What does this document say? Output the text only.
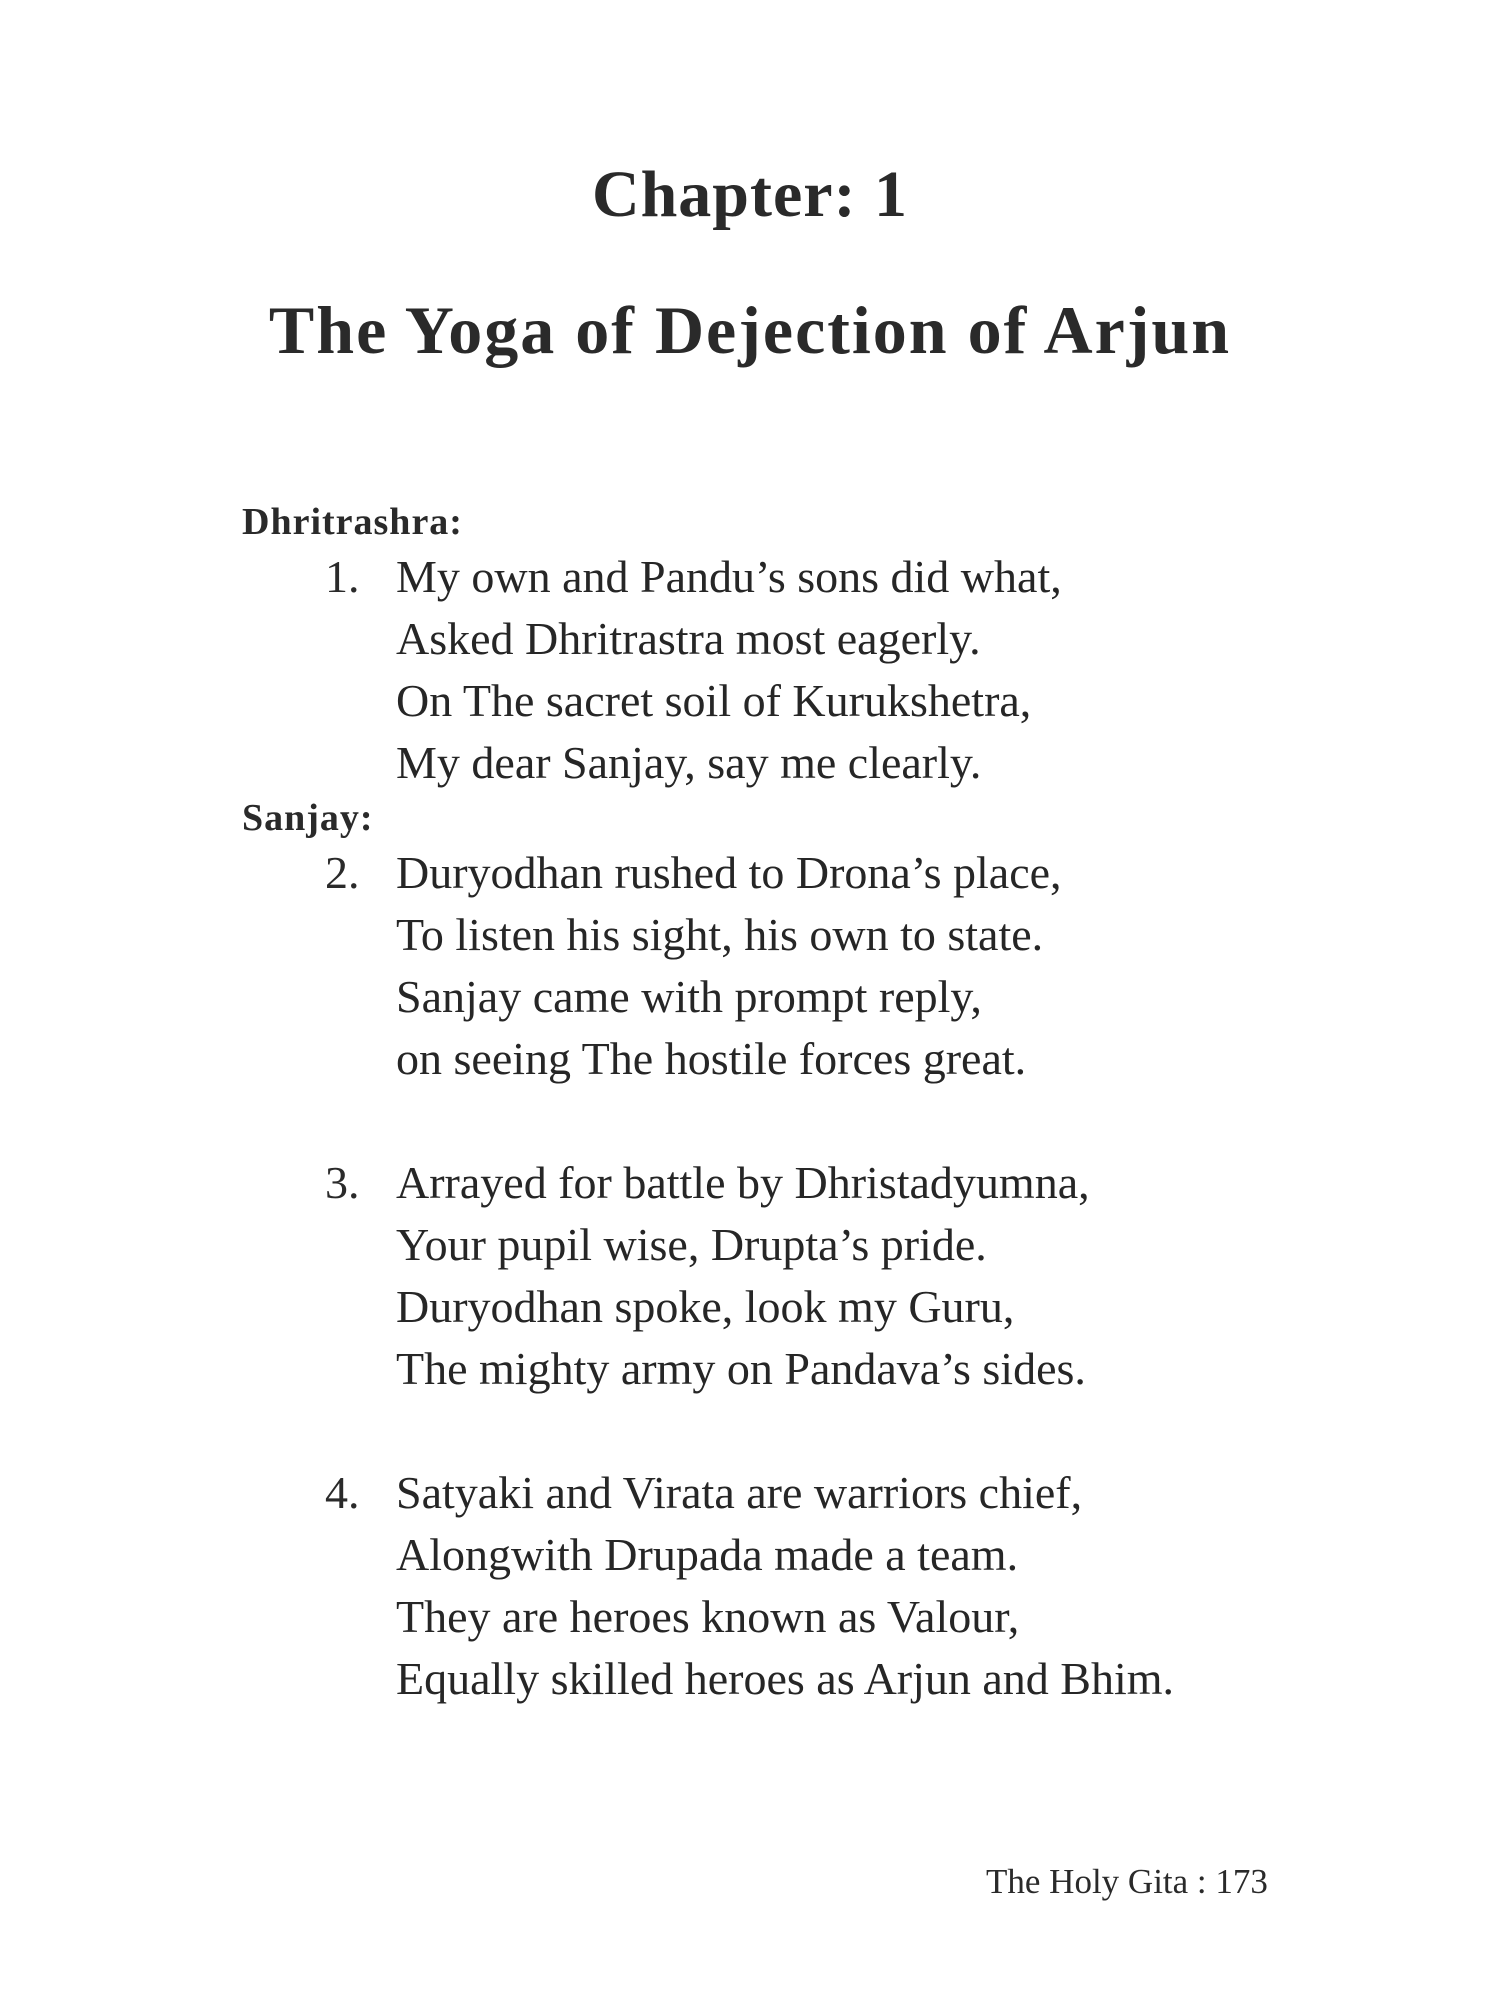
Chapter: 1
The Yoga of Dejection of Arjun
Dhritrashra:
1. My own and Pandu’s sons did what,
Asked Dhritrastra most eagerly.
On The sacret soil of Kurukshetra,
My dear Sanjay, say me clearly.
Sanjay:
2. Duryodhan rushed to Drona’s place,
To listen his sight, his own to state.
Sanjay came with prompt reply,
on seeing The hostile forces great.
3. Arrayed for battle by Dhristadyumna,
Your pupil wise, Drupta’s pride.
Duryodhan spoke, look my Guru,
The mighty army on Pandava’s sides.
4. Satyaki and Virata are warriors chief,
Alongwith Drupada made a team.
They are heroes known as Valour,
Equally skilled heroes as Arjun and Bhim.
The Holy Gita : 173
